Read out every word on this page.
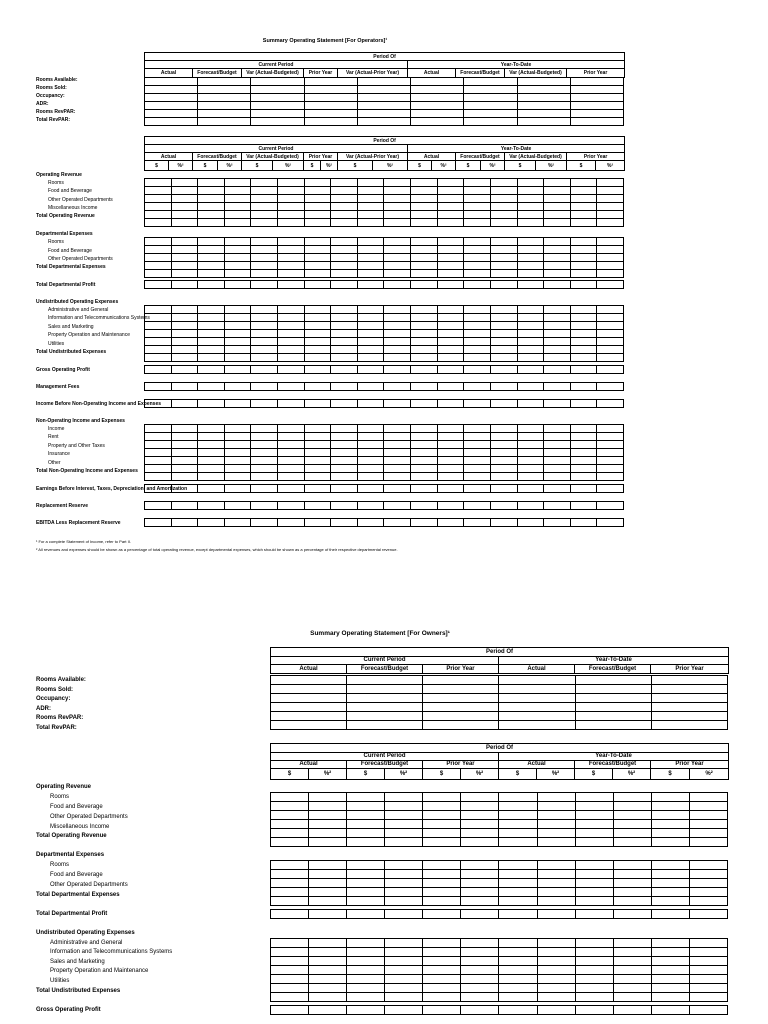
Summary Operating Statement [For Operators]¹
Period Of								
Current Period					Year-To-Date			
Actual	Forecast/Budget	Var (Actual-Budgeted)	Prior Year	Var (Actual-Prior Year)	Actual	Forecast/Budget	Var (Actual-Budgeted)	Prior Year

Rooms Available:
Rooms Sold:
Occupancy:
ADR:
Rooms RevPAR:
Total RevPAR:
Period Of																	
Current Period										Year-To-Date							
Actual		Forecast/Budget		Var (Actual-Budgeted)		Prior Year		Var (Actual-Prior Year)		Actual		Forecast/Budget		Var (Actual-Budgeted)		Prior Year	
$	%²	$	%²	$	%²	$	%²	$	%²	$	%²	$	%²	$	%²	$	%²
Operating Revenue
Rooms
Food and Beverage
Other Operated Departments
Miscellaneous Income
Total Operating Revenue
Departmental Expenses
Rooms
Food and Beverage
Other Operated Departments
Total Departmental Expenses
Total Departmental Profit
Undistributed Operating Expenses
Administrative and General
Information and Telecommunications Systems
Sales and Marketing
Property Operation and Maintenance
Utilities
Total Undistributed Expenses
Gross Operating Profit
Management Fees
Income Before Non-Operating Income and Expenses
Non-Operating Income and Expenses
Income
Rent
Property and Other Taxes
Insurance
Other
Total Non-Operating Income and Expenses
Earnings Before Interest, Taxes, Depreciation, and Amortization
Replacement Reserve
EBITDA Less Replacement Reserve

¹ For a complete Statement of Income, refer to Part II.
² All revenues and expenses should be shown as a percentage of total operating revenue, except departmental expenses, which should be shown as a percentage of their respective departmental revenue.
Summary Operating Statement [For Owners]¹
Period Of					
Current Period			Year-To-Date		
Actual	Forecast/Budget	Prior Year	Actual	Forecast/Budget	Prior Year

Rooms Available:
Rooms Sold:
Occupancy:
ADR:
Rooms RevPAR:
Total RevPAR:
Period Of											
Current Period						Year-To-Date					
Actual		Forecast/Budget		Prior Year		Actual		Forecast/Budget		Prior Year	
$	%²	$	%²	$	%²	$	%²	$	%²	$	%²
Operating Revenue
Rooms
Food and Beverage
Other Operated Departments
Miscellaneous Income
Total Operating Revenue
Departmental Expenses
Rooms
Food and Beverage
Other Operated Departments
Total Departmental Expenses
Total Departmental Profit
Undistributed Operating Expenses
Administrative and General
Information and Telecommunications Systems
Sales and Marketing
Property Operation and Maintenance
Utilities
Total Undistributed Expenses
Gross Operating Profit
